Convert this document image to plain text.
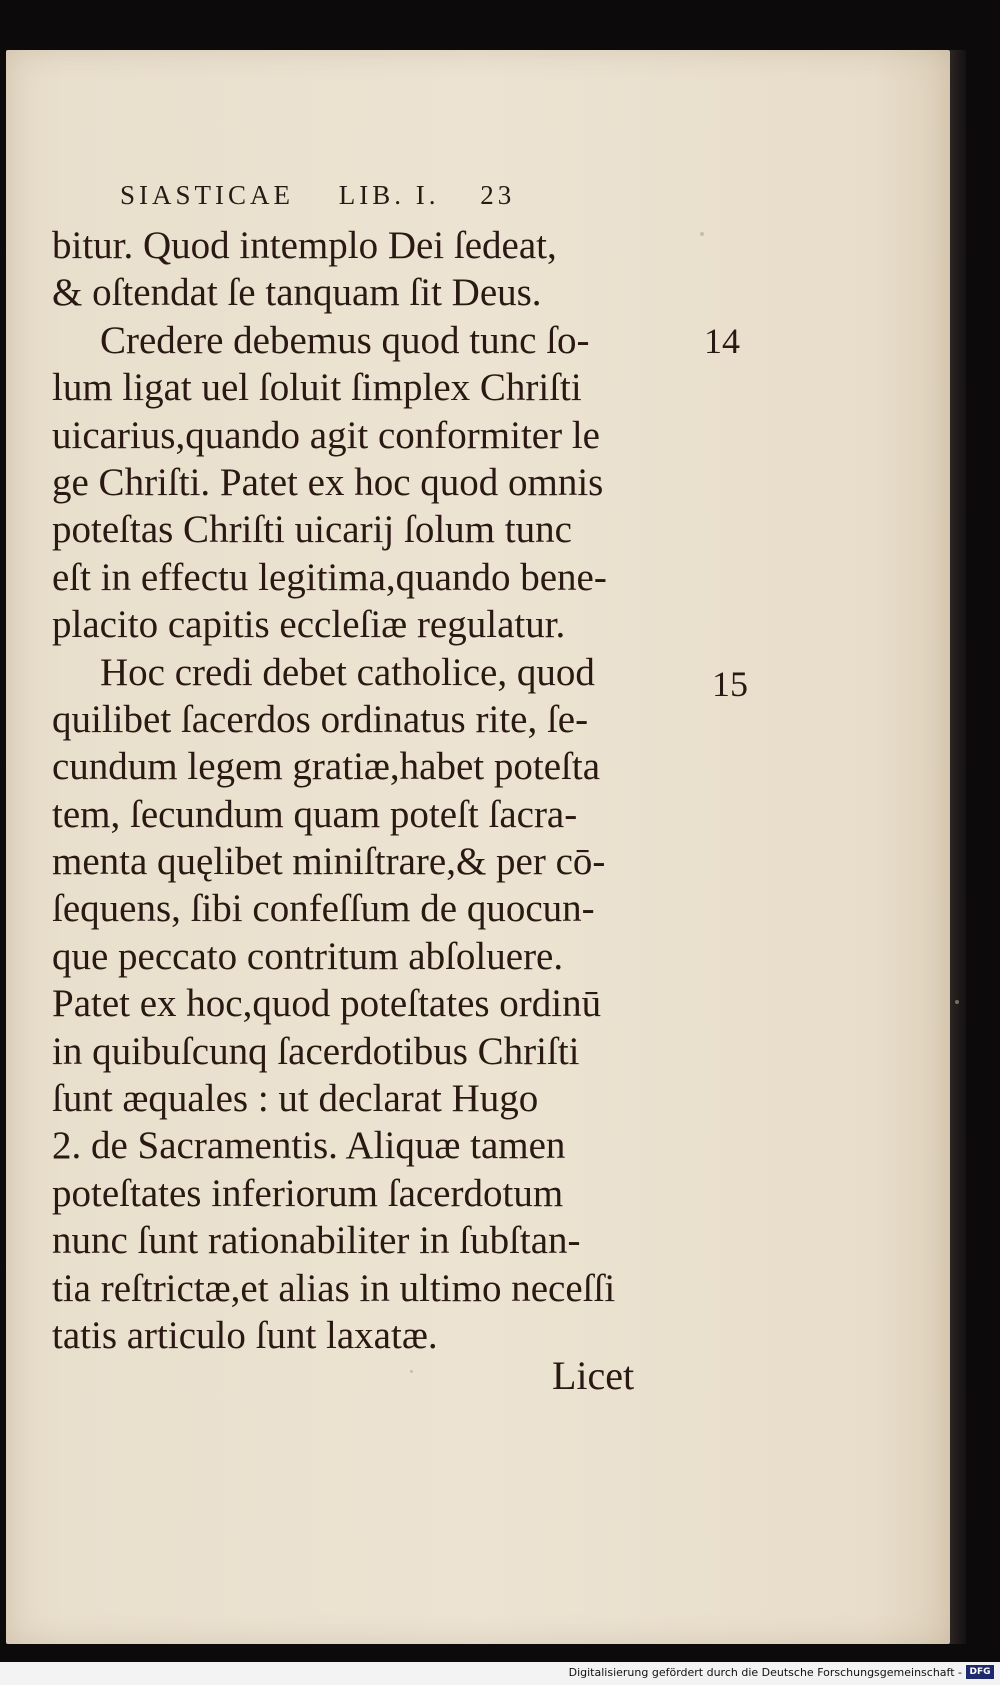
SIASTICAE LIB. I. 23
bitur. Quod intemplo Dei ſedeat,
& oſtendat ſe tanquam ſit Deus.
Credere debemus quod tunc ſo-
lum ligat uel ſoluit ſimplex Chriſti
uicarius,quando agit conformiter le
ge Chriſti. Patet ex hoc quod omnis
poteſtas Chriſti uicarij ſolum tunc
eſt in effectu legitima,quando bene-
placito capitis eccleſiæ regulatur.
Hoc credi debet catholice, quod
quilibet ſacerdos ordinatus rite, ſe-
cundum legem gratiæ,habet poteſta
tem, ſecundum quam poteſt ſacra-
menta quęlibet miniſtrare,& per cō-
ſequens, ſibi confeſſum de quocun-
que peccato contritum abſoluere.
Patet ex hoc,quod poteſtates ordinū
in quibuſcunq ſacerdotibus Chriſti
ſunt æquales : ut declarat Hugo
2. de Sacramentis. Aliquæ tamen
poteſtates inferiorum ſacerdotum
nunc ſunt rationabiliter in ſubſtan-
tia reſtrictæ,et alias in ultimo neceſſi
tatis articulo ſunt laxatæ.
14
15
Licet
Digitalisierung gefördert durch die Deutsche Forschungsgemeinschaft - DFG
